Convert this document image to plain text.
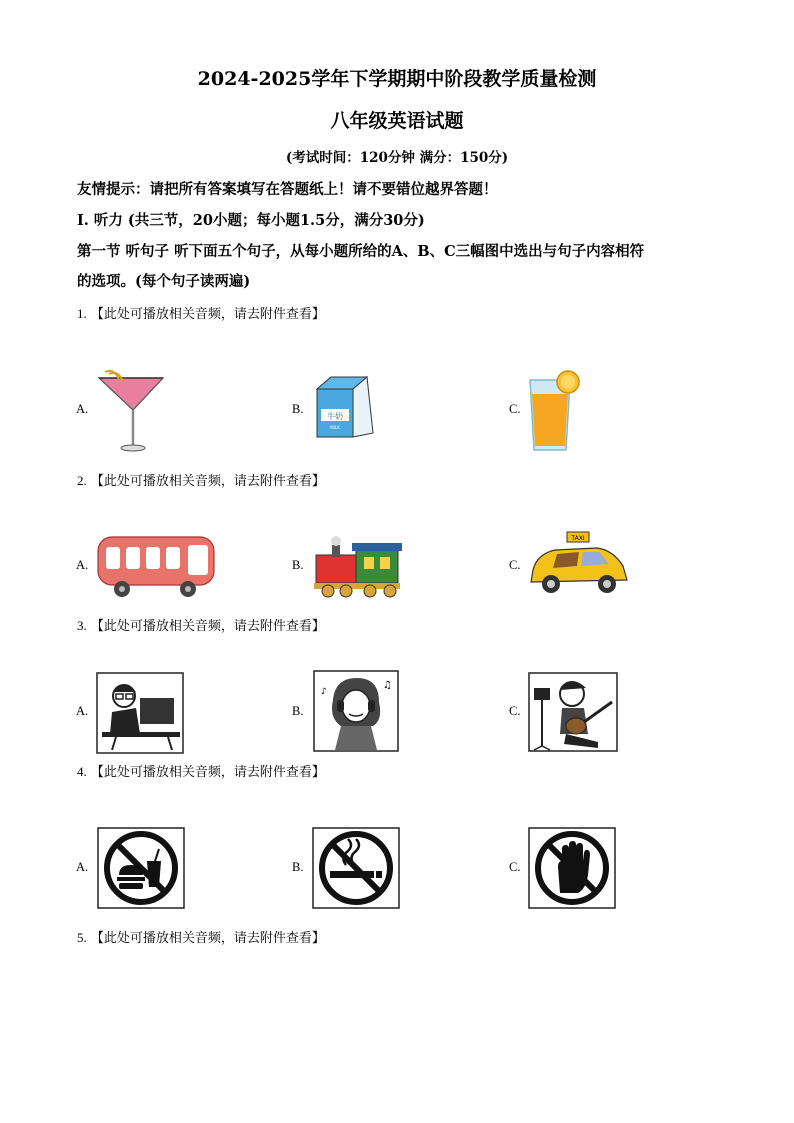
2024-2025学年下学期期中阶段教学质量检测
八年级英语试题
(考试时间：120分钟 满分：150分)
友情提示：请把所有答案填写在答题纸上！请不要错位越界答题！
I. 听力 (共三节，20小题；每小题1.5分，满分30分)
第一节 听句子 听下面五个句子，从每小题所给的A、B、C三幅图中选出与句子内容相符
的选项。(每个句子读两遍)
1. 【此处可播放相关音频，请去附件查看】
A.	B.
牛奶
MILK
C.
2. 【此处可播放相关音频，请去附件查看】
A.	B.	C.
TAXI
3. 【此处可播放相关音频，请去附件查看】
A.	B.
♫
♪
C.
4. 【此处可播放相关音频，请去附件查看】
A.	B.	C.
5. 【此处可播放相关音频，请去附件查看】
